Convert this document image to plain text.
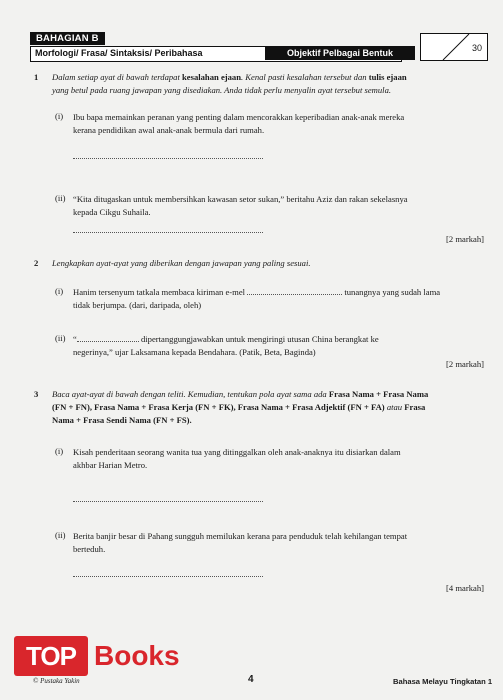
BAHAGIAN B
Morfologi/ Frasa/ Sintaksis/ Peribahasa	Objektif Pelbagai Bentuk	30
1 Dalam setiap ayat di bawah terdapat kesalahan ejaan. Kenal pasti kesalahan tersebut dan tulis ejaan
yang betul pada ruang jawapan yang disediakan. Anda tidak perlu menyalin ayat tersebut semula.
(i) Ibu bapa memainkan peranan yang penting dalam mencorakkan keperibadian anak-anak mereka
kerana pendidikan awal anak-anak bermula dari rumah.
(ii) “Kita ditugaskan untuk membersihkan kawasan setor sukan,” beritahu Aziz dan rakan sekelasnya
kepada Cikgu Suhaila.
[2 markah]
2 Lengkapkan ayat-ayat yang diberikan dengan jawapan yang paling sesuai.
(i) Hanim tersenyum tatkala membaca kiriman e-mel	tunangnya yang sudah lama
tidak berjumpa. (dari, daripada, oleh)
(ii) “	dipertanggungjawabkan untuk mengiringi utusan China berangkat ke
negerinya,” ujar Laksamana kepada Bendahara. (Patik, Beta, Baginda)
[2 markah]
3 Baca ayat-ayat di bawah dengan teliti. Kemudian, tentukan pola ayat sama ada Frasa Nama + Frasa Nama
(FN + FN), Frasa Nama + Frasa Kerja (FN + FK), Frasa Nama + Frasa Adjektif (FN + FA) atau Frasa
Nama + Frasa Sendi Nama (FN + FS).
(i) Kisah penderitaan seorang wanita tua yang ditinggalkan oleh anak-anaknya itu disiarkan dalam
akhbar Harian Metro.
(ii) Berita banjir besar di Pahang sungguh memilukan kerana para penduduk telah kehilangan tempat
berteduh.
[4 markah]
TOP Books
© Pustaka Yakin	4	Bahasa Melayu Tingkatan 1
